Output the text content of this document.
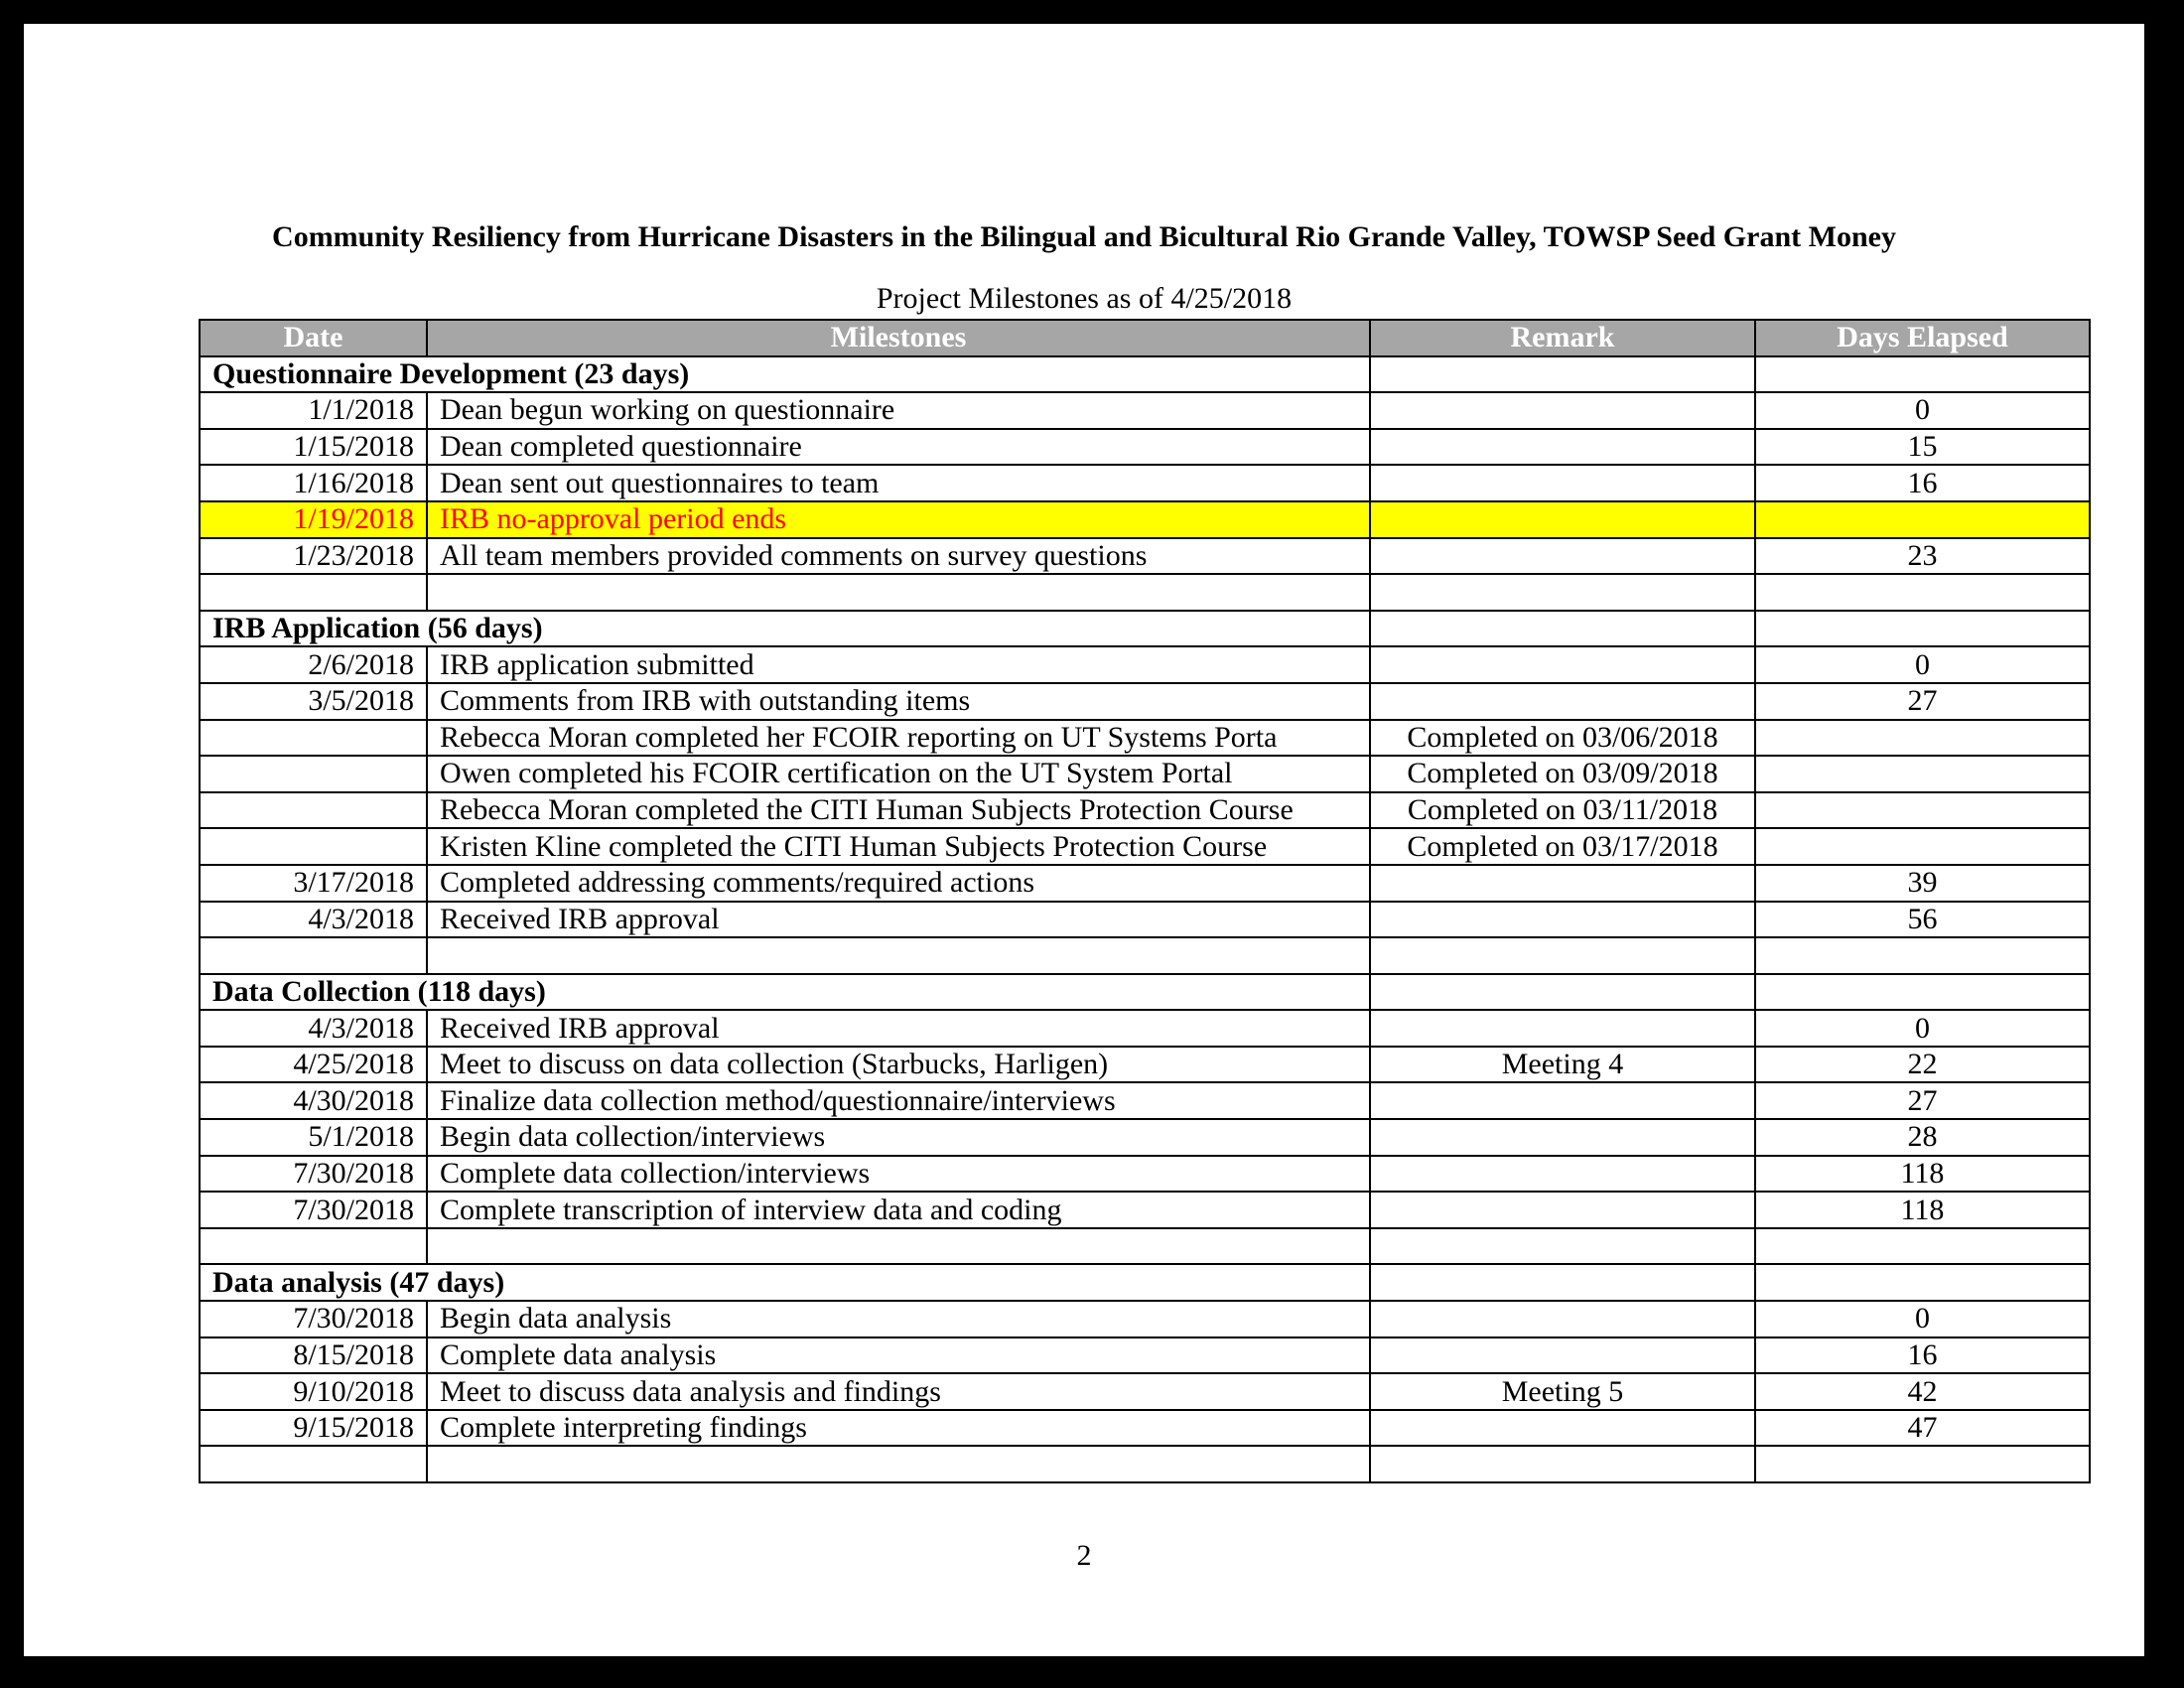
Community Resiliency from Hurricane Disasters in the Bilingual and Bicultural Rio Grande Valley, TOWSP Seed Grant Money
Project Milestones as of 4/25/2018
Date	Milestones	Remark	Days Elapsed
Questionnaire Development (23 days)			
1/1/2018	Dean begun working on questionnaire		0
1/15/2018	Dean completed questionnaire		15
1/16/2018	Dean sent out questionnaires to team		16
1/19/2018	IRB no-approval period ends		
1/23/2018	All team members provided comments on survey questions		23

IRB Application (56 days)			
2/6/2018	IRB application submitted		0
3/5/2018	Comments from IRB with outstanding items		27
	Rebecca Moran completed her FCOIR reporting on UT Systems Porta	Completed on 03/06/2018	
	Owen completed his FCOIR certification on the UT System Portal	Completed on 03/09/2018	
	Rebecca Moran completed the CITI Human Subjects Protection Course	Completed on 03/11/2018	
	Kristen Kline completed the CITI Human Subjects Protection Course	Completed on 03/17/2018	
3/17/2018	Completed addressing comments/required actions		39
4/3/2018	Received IRB approval		56

Data Collection (118 days)			
4/3/2018	Received IRB approval		0
4/25/2018	Meet to discuss on data collection (Starbucks, Harligen)	Meeting 4	22
4/30/2018	Finalize data collection method/questionnaire/interviews		27
5/1/2018	Begin data collection/interviews		28
7/30/2018	Complete data collection/interviews		118
7/30/2018	Complete transcription of interview data and coding		118

Data analysis (47 days)			
7/30/2018	Begin data analysis		0
8/15/2018	Complete data analysis		16
9/10/2018	Meet to discuss data analysis and findings	Meeting 5	42
9/15/2018	Complete interpreting findings		47

2
